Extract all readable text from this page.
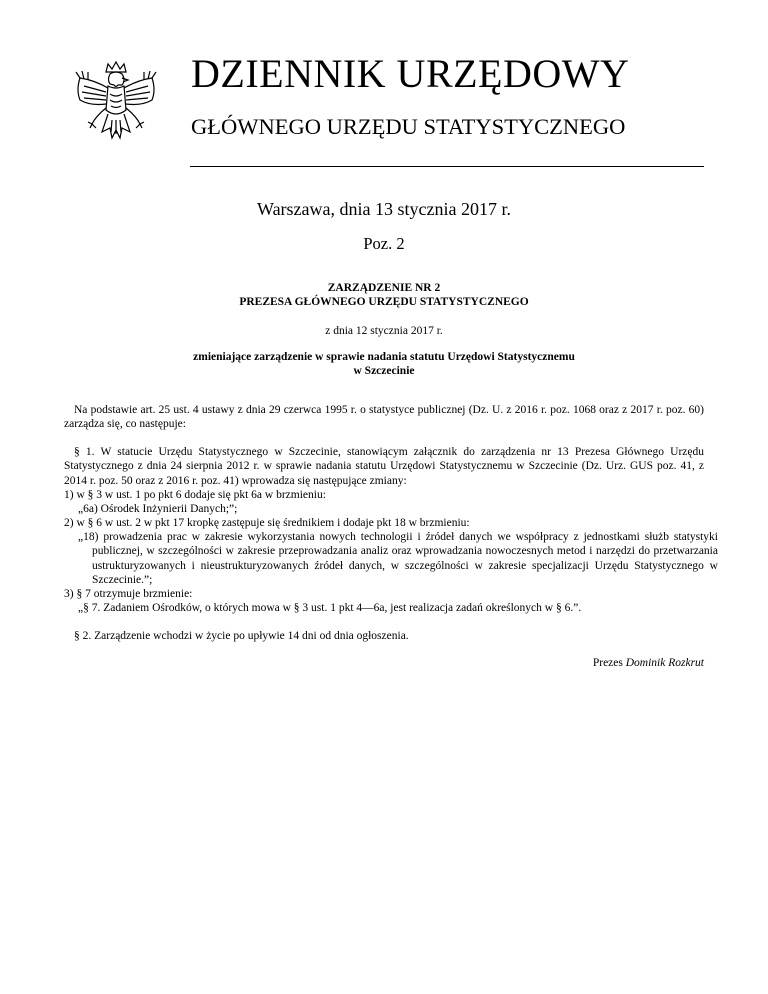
DZIENNIK URZĘDOWY
GŁÓWNEGO URZĘDU STATYSTYCZNEGO
Warszawa, dnia 13 stycznia 2017 r.
Poz. 2
ZARZĄDZENIE NR 2
PREZESA GŁÓWNEGO URZĘDU STATYSTYCZNEGO
z dnia 12 stycznia 2017 r.
zmieniające zarządzenie w sprawie nadania statutu Urzędowi Statystycznemu
w Szczecinie
Na podstawie art. 25 ust. 4 ustawy z dnia 29 czerwca 1995 r. o statystyce publicznej (Dz. U. z 2016 r. poz. 1068 oraz z 2017 r. poz. 60) zarządza się, co następuje:
§ 1. W statucie Urzędu Statystycznego w Szczecinie, stanowiącym załącznik do zarządzenia nr 13 Prezesa Głównego Urzędu Statystycznego z dnia 24 sierpnia 2012 r. w sprawie nadania statutu Urzędowi Statystycznemu w Szczecinie (Dz. Urz. GUS poz. 41, z 2014 r. poz. 50 oraz z 2016 r. poz. 41) wprowadza się następujące zmiany:
1) w § 3 w ust. 1 po pkt 6 dodaje się pkt 6a w brzmieniu:
„6a) Ośrodek Inżynierii Danych;”;
2) w § 6 w ust. 2 w pkt 17 kropkę zastępuje się średnikiem i dodaje pkt 18 w brzmieniu:
„18) prowadzenia prac w zakresie wykorzystania nowych technologii i źródeł danych we współpracy z jednostkami służb statystyki publicznej, w szczególności w zakresie przeprowadzania analiz oraz wprowadzania nowoczesnych metod i narzędzi do przetwarzania ustrukturyzowanych i nieustrukturyzowanych źródeł danych, w szczególności w zakresie specjalizacji Urzędu Statystycznego w Szczecinie.”;
3) § 7 otrzymuje brzmienie:
„§ 7. Zadaniem Ośrodków, o których mowa w § 3 ust. 1 pkt 4—6a, jest realizacja zadań określonych w § 6.”.
§ 2. Zarządzenie wchodzi w życie po upływie 14 dni od dnia ogłoszenia.
Prezes Dominik Rozkrut
